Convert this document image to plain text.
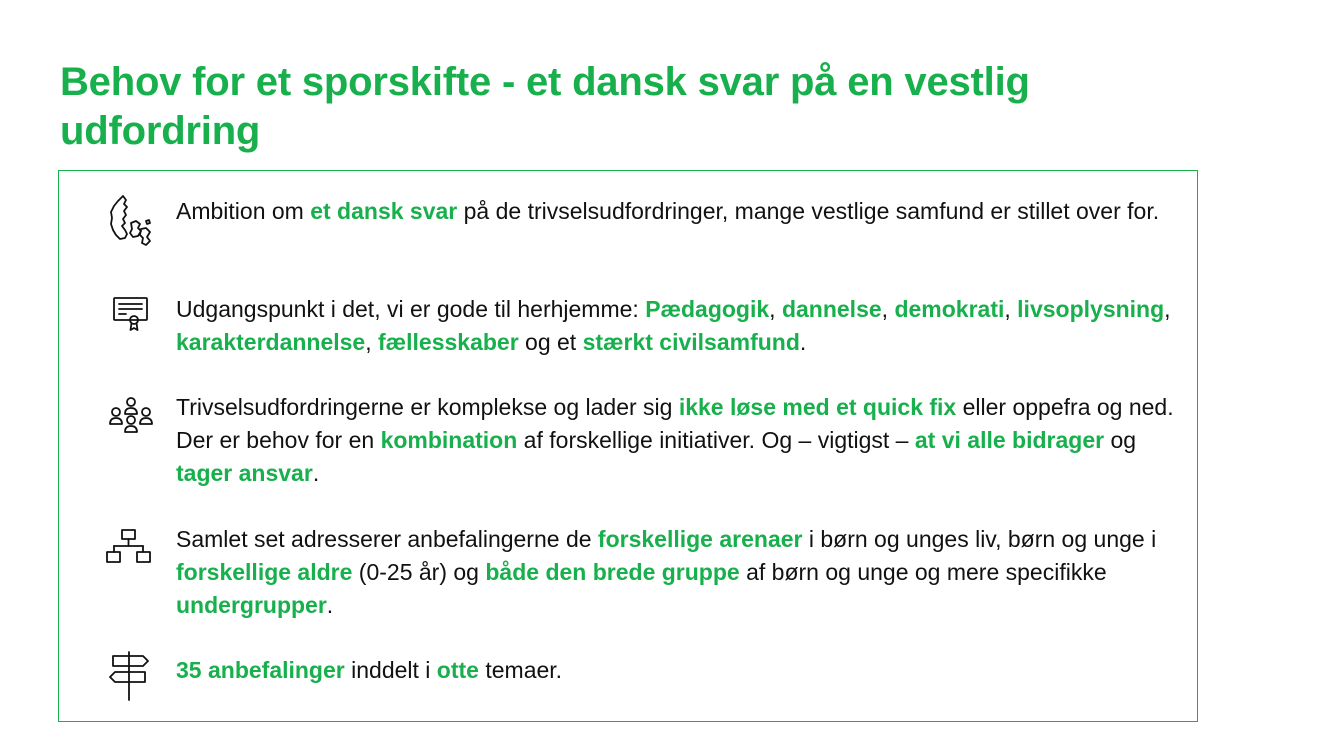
Behov for et sporskifte - et dansk svar på en vestlig udfordring

Ambition om et dansk svar på de trivselsudfordringer, mange vestlige samfund er stillet over for.

Udgangspunkt i det, vi er gode til herhjemme: Pædagogik, dannelse, demokrati, livsoplysning, karakterdannelse, fællesskaber og et stærkt civilsamfund.

Trivselsudfordringerne er komplekse og lader sig ikke løse med et quick fix eller oppefra og ned. Der er behov for en kombination af forskellige initiativer. Og – vigtigst – at vi alle bidrager og tager ansvar.

Samlet set adresserer anbefalingerne de forskellige arenaer i børn og unges liv, børn og unge i forskellige aldre (0-25 år) og både den brede gruppe af børn og unge og mere specifikke undergrupper.

35 anbefalinger inddelt i otte temaer.
